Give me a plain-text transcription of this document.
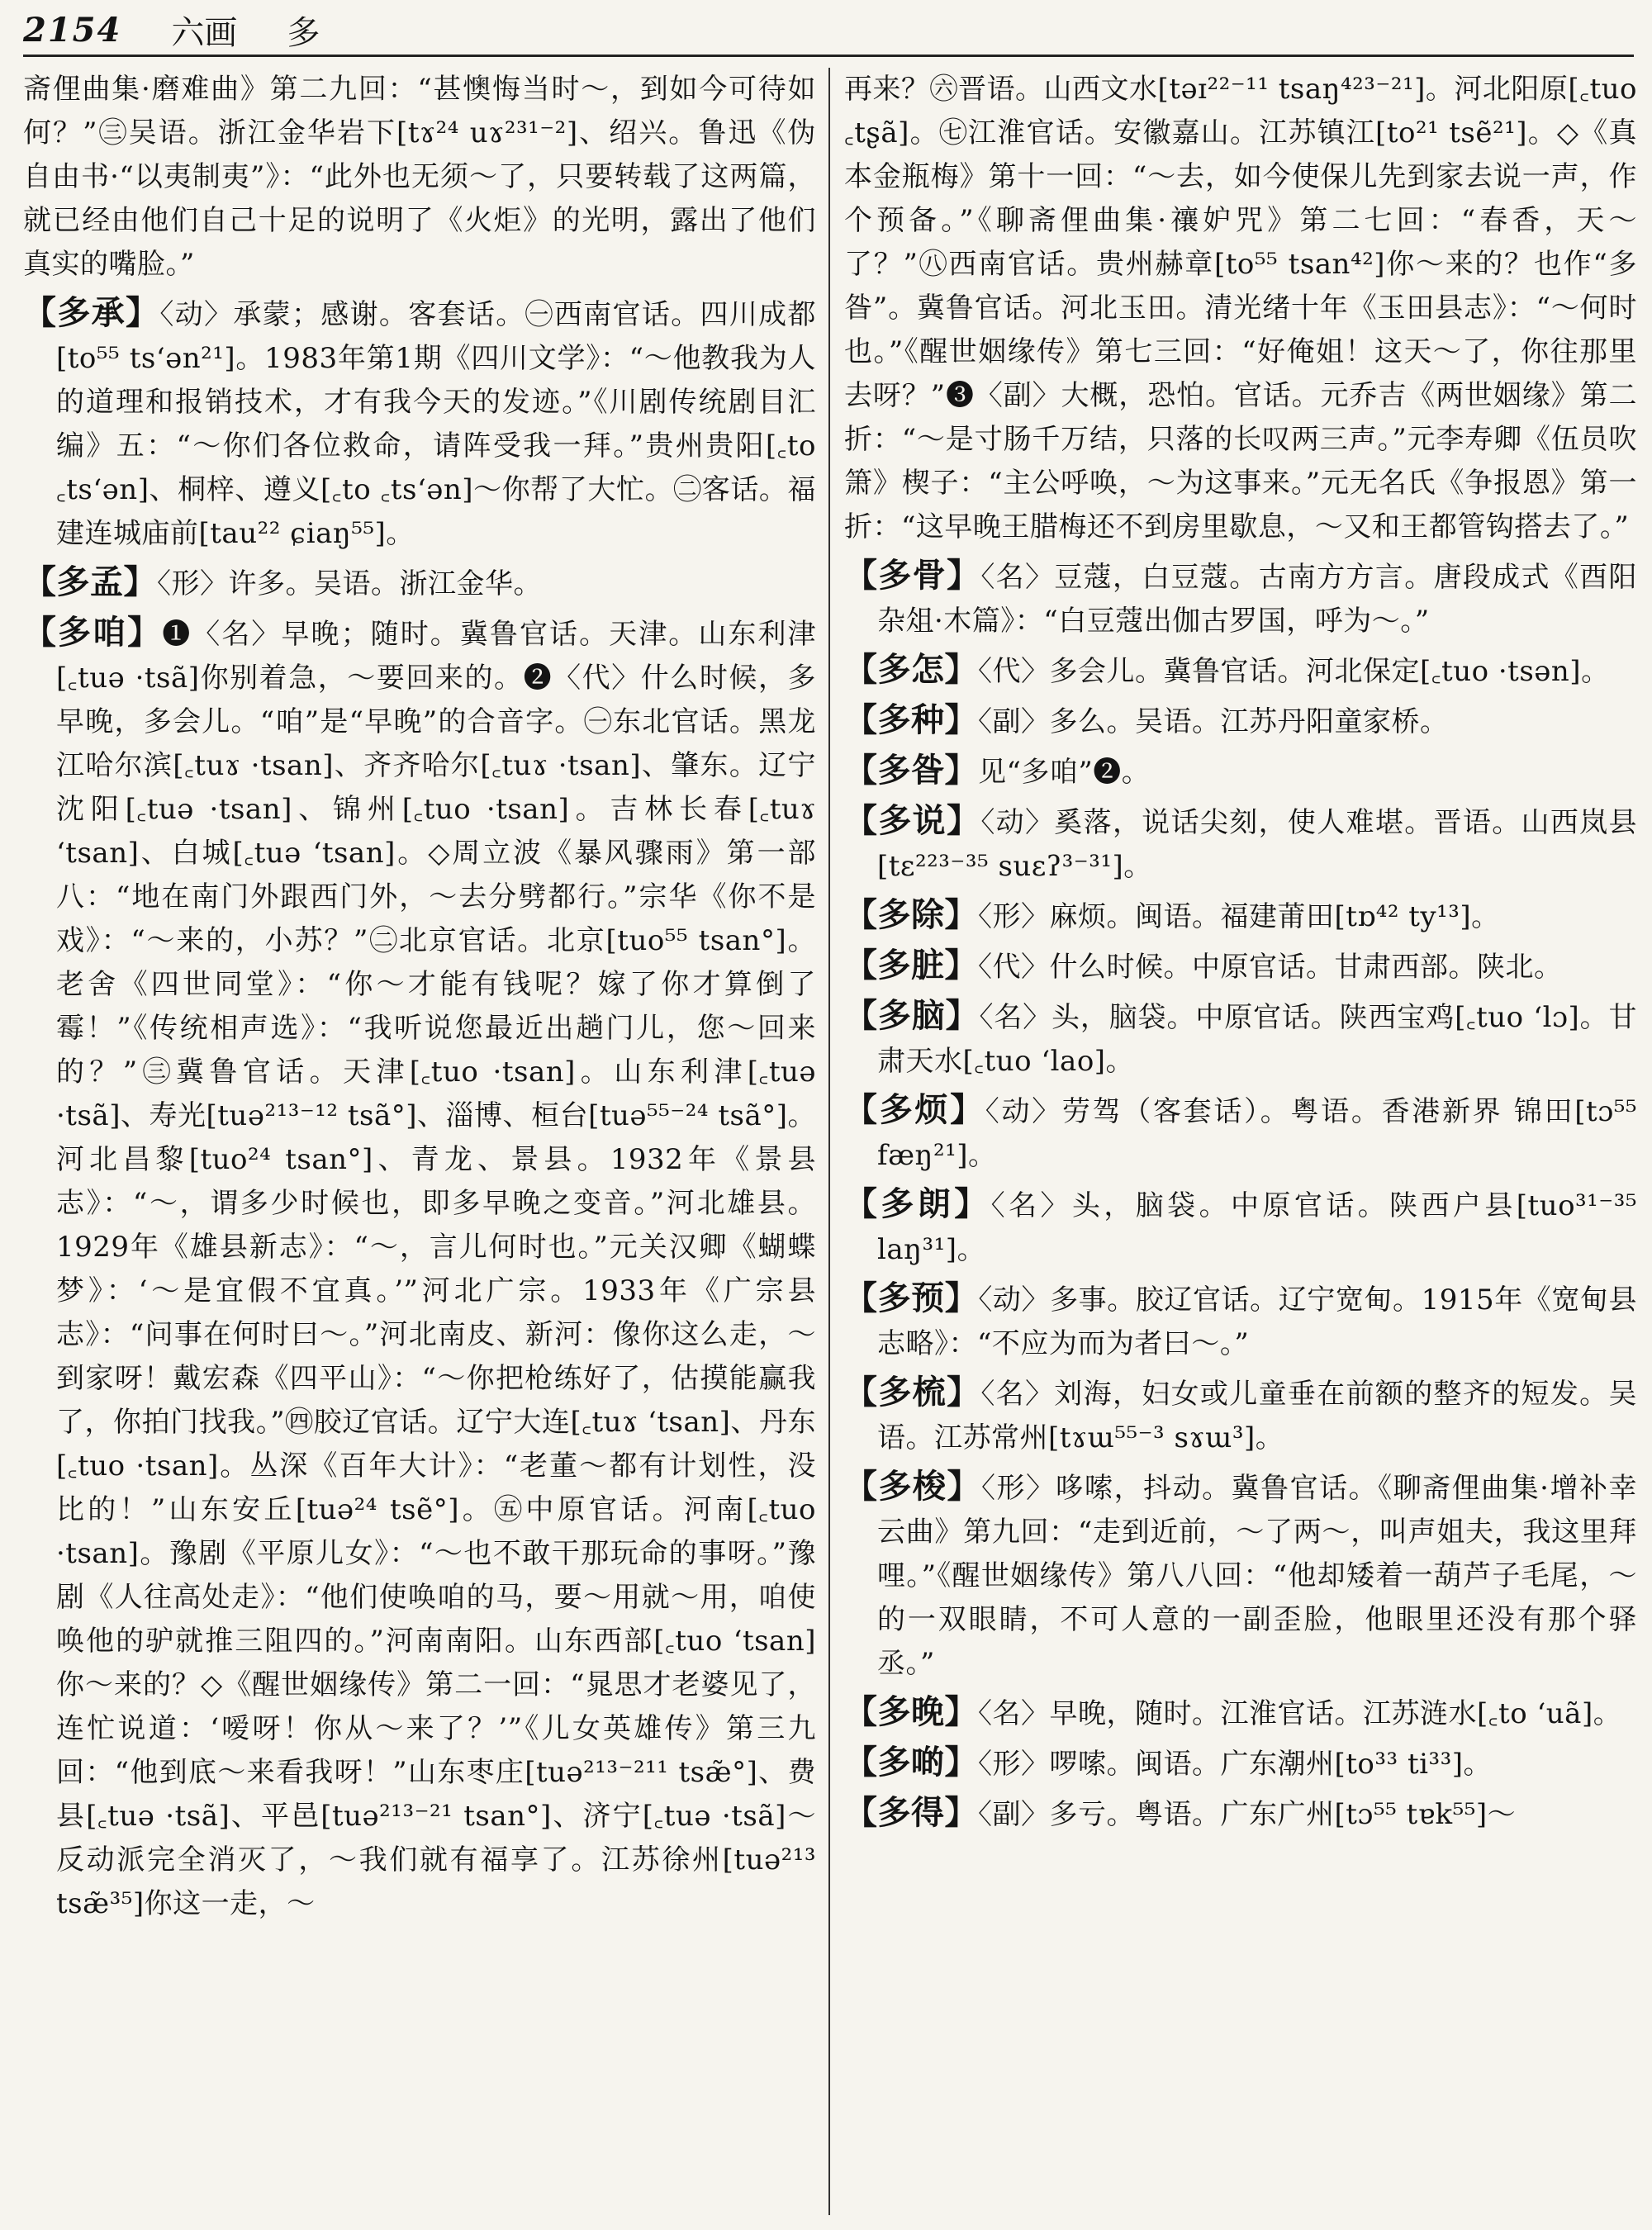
2154 六画 多

斋俚曲集·磨难曲》第二九回：“甚懊悔当时～，到如今可待如何？”㊂吴语。浙江金华岩下[tɤ²⁴ uɤ²³¹⁻²]、绍兴。鲁迅《伪自由书·“以夷制夷”》：“此外也无须～了，只要转载了这两篇，就已经由他们自己十足的说明了《火炬》的光明，露出了他们真实的嘴脸。”

【多承】〈动〉承蒙；感谢。客套话。㊀西南官话。四川成都[to⁵⁵ tsʻən²¹]。1983年第1期《四川文学》：“～他教我为人的道理和报销技术，才有我今天的发迹。”《川剧传统剧目汇编》五：“～你们各位救命，请阵受我一拜。”贵州贵阳[꜀to ꜀tsʻən]、桐梓、遵义[꜀to ꜀tsʻən]～你帮了大忙。㊁客话。福建连城庙前[tau²² ɕiaŋ⁵⁵]。

【多孟】〈形〉许多。吴语。浙江金华。

【多咱】❶〈名〉早晚；随时。冀鲁官话。天津。山东利津[꜀tuə ·tsã]你别着急，～要回来的。❷〈代〉什么时候，多早晚，多会儿。“咱”是“早晚”的合音字。㊀东北官话。黑龙江哈尔滨[꜀tuɤ ·tsan]、齐齐哈尔[꜀tuɤ ·tsan]、肇东。辽宁沈阳[꜀tuə ·tsan]、锦州[꜀tuo ·tsan]。吉林长春[꜀tuɤ ʻtsan]、白城[꜀tuə ʻtsan]。◇周立波《暴风骤雨》第一部八：“地在南门外跟西门外，～去分劈都行。”宗华《你不是戏》：“～来的，小苏？”㊁北京官话。北京[tuo⁵⁵ tsan°]。老舍《四世同堂》：“你～才能有钱呢？嫁了你才算倒了霉！”《传统相声选》：“我听说您最近出趟门儿，您～回来的？”㊂冀鲁官话。天津[꜀tuo ·tsan]。山东利津[꜀tuə ·tsã]、寿光[tuə²¹³⁻¹² tsã°]、淄博、桓台[tuə⁵⁵⁻²⁴ tsã°]。河北昌黎[tuo²⁴ tsan°]、青龙、景县。1932年《景县志》：“～，谓多少时候也，即多早晚之变音。”河北雄县。1929年《雄县新志》：“～，言儿何时也。”元关汉卿《蝴蝶梦》：‘～是宜假不宜真。’”河北广宗。1933年《广宗县志》：“问事在何时曰～。”河北南皮、新河：像你这么走，～到家呀！戴宏森《四平山》：“～你把枪练好了，估摸能赢我了，你拍门找我。”㊃胶辽官话。辽宁大连[꜀tuɤ ʻtsan]、丹东[꜀tuo ·tsan]。丛深《百年大计》：“老董～都有计划性，没比的！”山东安丘[tuə²⁴ tsẽ°]。㊄中原官话。河南[꜀tuo ·tsan]。豫剧《平原儿女》：“～也不敢干那玩命的事呀。”豫剧《人往高处走》：“他们使唤咱的马，要～用就～用，咱使唤他的驴就推三阻四的。”河南南阳。山东西部[꜀tuo ʻtsan]你～来的？◇《醒世姻缘传》第二一回：“晁思才老婆见了，连忙说道：‘嗳呀！你从～来了？’”《儿女英雄传》第三九回：“他到底～来看我呀！”山东枣庄[tuə²¹³⁻²¹¹ tsæ̃°]、费县[꜀tuə ·tsã]、平邑[tuə²¹³⁻²¹ tsan°]、济宁[꜀tuə ·tsã]～反动派完全消灭了，～我们就有福享了。江苏徐州[tuə²¹³ tsæ̃³⁵]你这一走，～

再来？㊅晋语。山西文水[təɪ²²⁻¹¹ tsaŋ⁴²³⁻²¹]。河北阳原[꜀tuo ꜀tʂã]。㊆江淮官话。安徽嘉山。江苏镇江[to²¹ tsẽ²¹]。◇《真本金瓶梅》第十一回：“～去，如今使保儿先到家去说一声，作个预备。”《聊斋俚曲集·禳妒咒》第二七回：“春香，天～了？”㊇西南官话。贵州赫章[to⁵⁵ tsan⁴²]你～来的？也作“多昝”。冀鲁官话。河北玉田。清光绪十年《玉田县志》：“～何时也。”《醒世姻缘传》第七三回：“好俺姐！这天～了，你往那里去呀？”❸〈副〉大概，恐怕。官话。元乔吉《两世姻缘》第二折：“～是寸肠千万结，只落的长叹两三声。”元李寿卿《伍员吹箫》楔子：“主公呼唤，～为这事来。”元无名氏《争报恩》第一折：“这早晚王腊梅还不到房里歇息，～又和王都管钩搭去了。”

【多骨】〈名〉豆蔻，白豆蔻。古南方方言。唐段成式《酉阳杂俎·木篇》：“白豆蔻出伽古罗国，呼为～。”

【多怎】〈代〉多会儿。冀鲁官话。河北保定[꜀tuo ·tsən]。

【多种】〈副〉多么。吴语。江苏丹阳童家桥。

【多昝】见“多咱”❷。

【多说】〈动〉奚落，说话尖刻，使人难堪。晋语。山西岚县[tɛ²²³⁻³⁵ suɛʔ³⁻³¹]。

【多除】〈形〉麻烦。闽语。福建莆田[tɒ⁴² ty¹³]。

【多脏】〈代〉什么时候。中原官话。甘肃西部。陕北。

【多脑】〈名〉头，脑袋。中原官话。陕西宝鸡[꜀tuo ʻlɔ]。甘肃天水[꜀tuo ʻlao]。

【多烦】〈动〉劳驾（客套话）。粤语。香港新界 锦田[tɔ⁵⁵ fæŋ²¹]。

【多朗】〈名〉头，脑袋。中原官话。陕西户县[tuo³¹⁻³⁵ laŋ³¹]。

【多预】〈动〉多事。胶辽官话。辽宁宽甸。1915年《宽甸县志略》：“不应为而为者曰～。”

【多梳】〈名〉刘海，妇女或儿童垂在前额的整齐的短发。吴语。江苏常州[tɤɯ⁵⁵⁻³ sɤɯ³]。

【多梭】〈形〉哆嗦，抖动。冀鲁官话。《聊斋俚曲集·增补幸云曲》第九回：“走到近前，～了两～，叫声姐夫，我这里拜哩。”《醒世姻缘传》第八八回：“他却矮着一葫芦子毛尾，～的一双眼睛，不可人意的一副歪脸，他眼里还没有那个驿丞。”

【多晚】〈名〉早晚，随时。江淮官话。江苏涟水[꜀to ʻuã]。

【多啲】〈形〉啰嗦。闽语。广东潮州[to³³ ti³³]。

【多得】〈副〉多亏。粤语。广东广州[tɔ⁵⁵ tɐk⁵⁵]～
